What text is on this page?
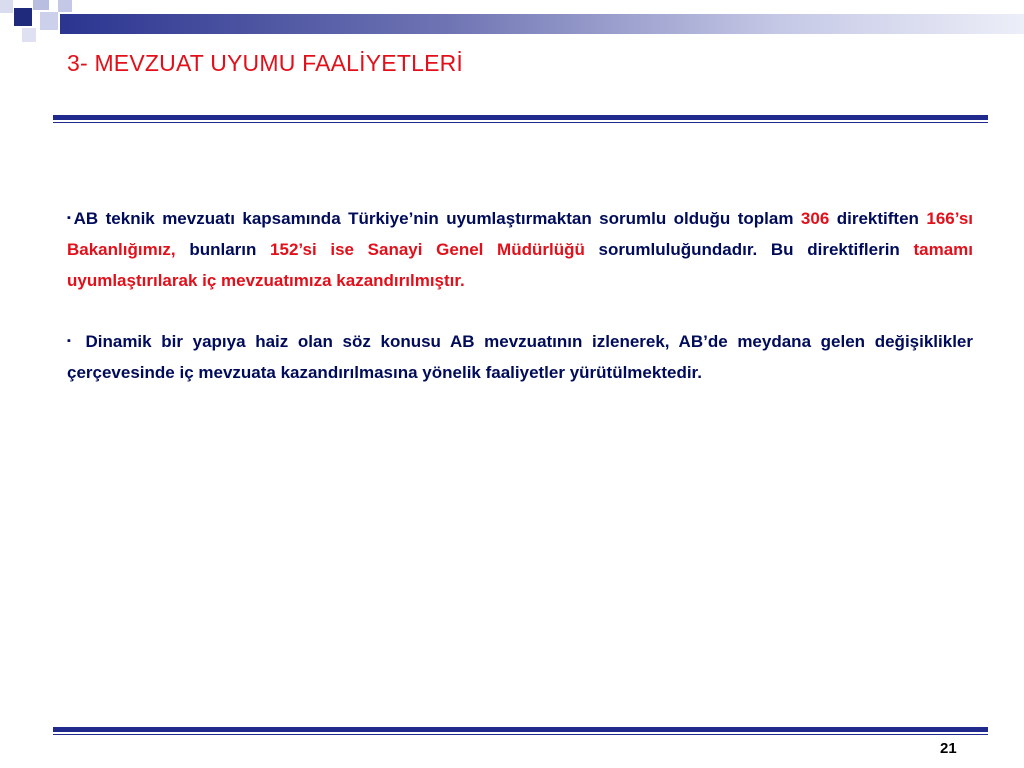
3- MEVZUAT UYUMU FAALİYETLERİ

▪AB teknik mevzuatı kapsamında Türkiye’nin uyumlaştırmaktan sorumlu olduğu toplam 306 direktiften 166’sı Bakanlığımız, bunların 152’si ise Sanayi Genel Müdürlüğü sorumluluğundadır. Bu direktiflerin tamamı uyumlaştırılarak iç mevzuatımıza kazandırılmıştır.

▪ Dinamik bir yapıya haiz olan söz konusu AB mevzuatının izlenerek, AB’de meydana gelen değişiklikler çerçevesinde iç mevzuata kazandırılmasına yönelik faaliyetler yürütülmektedir.

21
